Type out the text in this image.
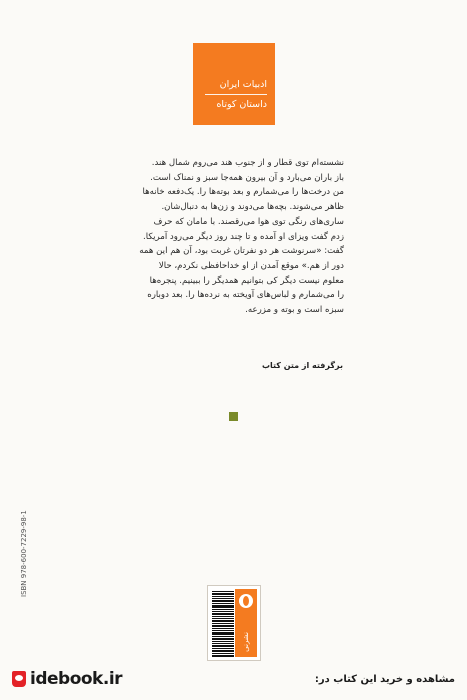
ادبیات ایران
داستان کوتاه

نشسته‌ام توی قطار و از جنوب هند می‌روم شمال هند.

باز باران می‌بارد و آن بیرون همه‌جا سبز و نمناک است.

من درخت‌ها را می‌شمارم و بعد بوته‌ها را. یک‌دفعه خانه‌ها

ظاهر می‌شوند. بچه‌ها می‌دوند و زن‌ها به دنبال‌شان.

ساری‌های رنگی توی هوا می‌رقصند. با مامان که حرف

زدم گفت ویزای او آمده و تا چند روز دیگر می‌رود آمریکا.

گفت: «سرنوشت هر دو نفرتان غربت بود، آن هم این همه

دور از هم.» موقع آمدن از او خداحافظی نکردم، حالا

معلوم نیست دیگر کی بتوانیم همدیگر را ببینیم. پنجره‌ها

را می‌شمارم و لباس‌های آویخته به نرده‌ها را. بعد دوباره

سبزه است و بوته و مزرعه.

برگرفته از متن کتاب
ISBN 978-600-7229-98-1
نشرنی
idebook.ir	مشاهده و خرید این کتاب در:
